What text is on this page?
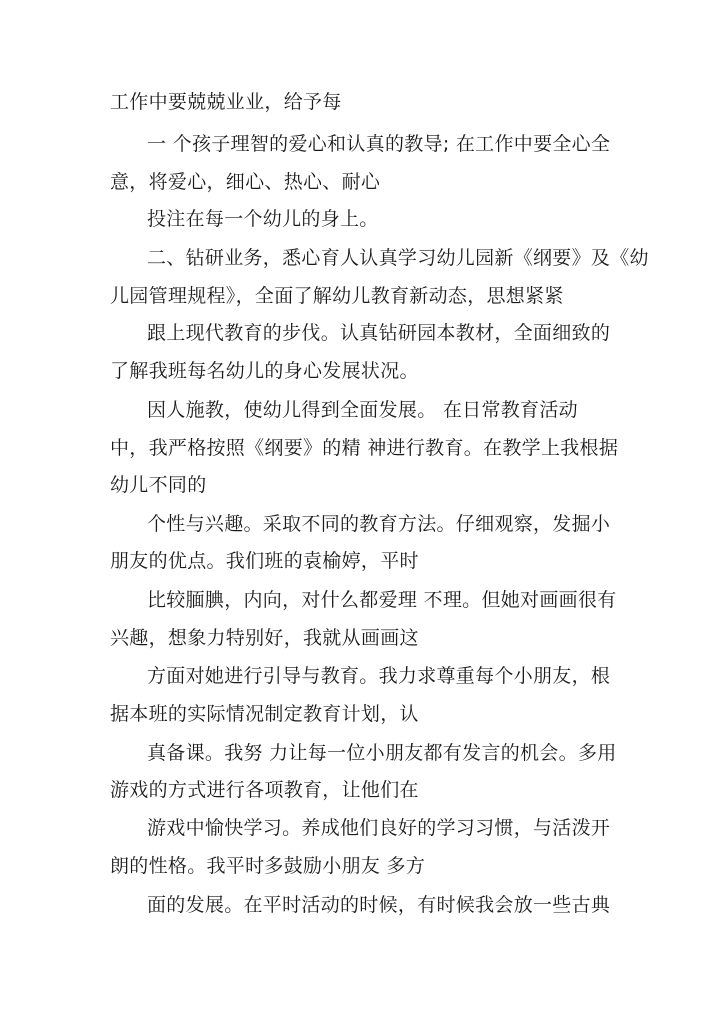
工作中要兢兢业业，给予每
一 个孩子理智的爱心和认真的教导; 在工作中要全心全
意，将爱心，细心、热心、耐心
投注在每一个幼儿的身上。
二、钻研业务，悉心育人认真学习幼儿园新《纲要》及《幼
儿园管理规程》，全面了解幼儿教育新动态，思想紧紧
跟上现代教育的步伐。认真钻研园本教材，全面细致的
了解我班每名幼儿的身心发展状况。
因人施教，使幼儿得到全面发展。 在日常教育活动
中，我严格按照《纲要》的精 神进行教育。在教学上我根据
幼儿不同的
个性与兴趣。采取不同的教育方法。仔细观察，发掘小
朋友的优点。我们班的袁榆婷，平时
比较腼腆，内向，对什么都爱理 不理。但她对画画很有
兴趣，想象力特别好，我就从画画这
方面对她进行引导与教育。我力求尊重每个小朋友，根
据本班的实际情况制定教育计划，认
真备课。我努 力让每一位小朋友都有发言的机会。多用
游戏的方式进行各项教育，让他们在
游戏中愉快学习。养成他们良好的学习习惯，与活泼开
朗的性格。我平时多鼓励小朋友 多方
面的发展。在平时活动的时候，有时候我会放一些古典
